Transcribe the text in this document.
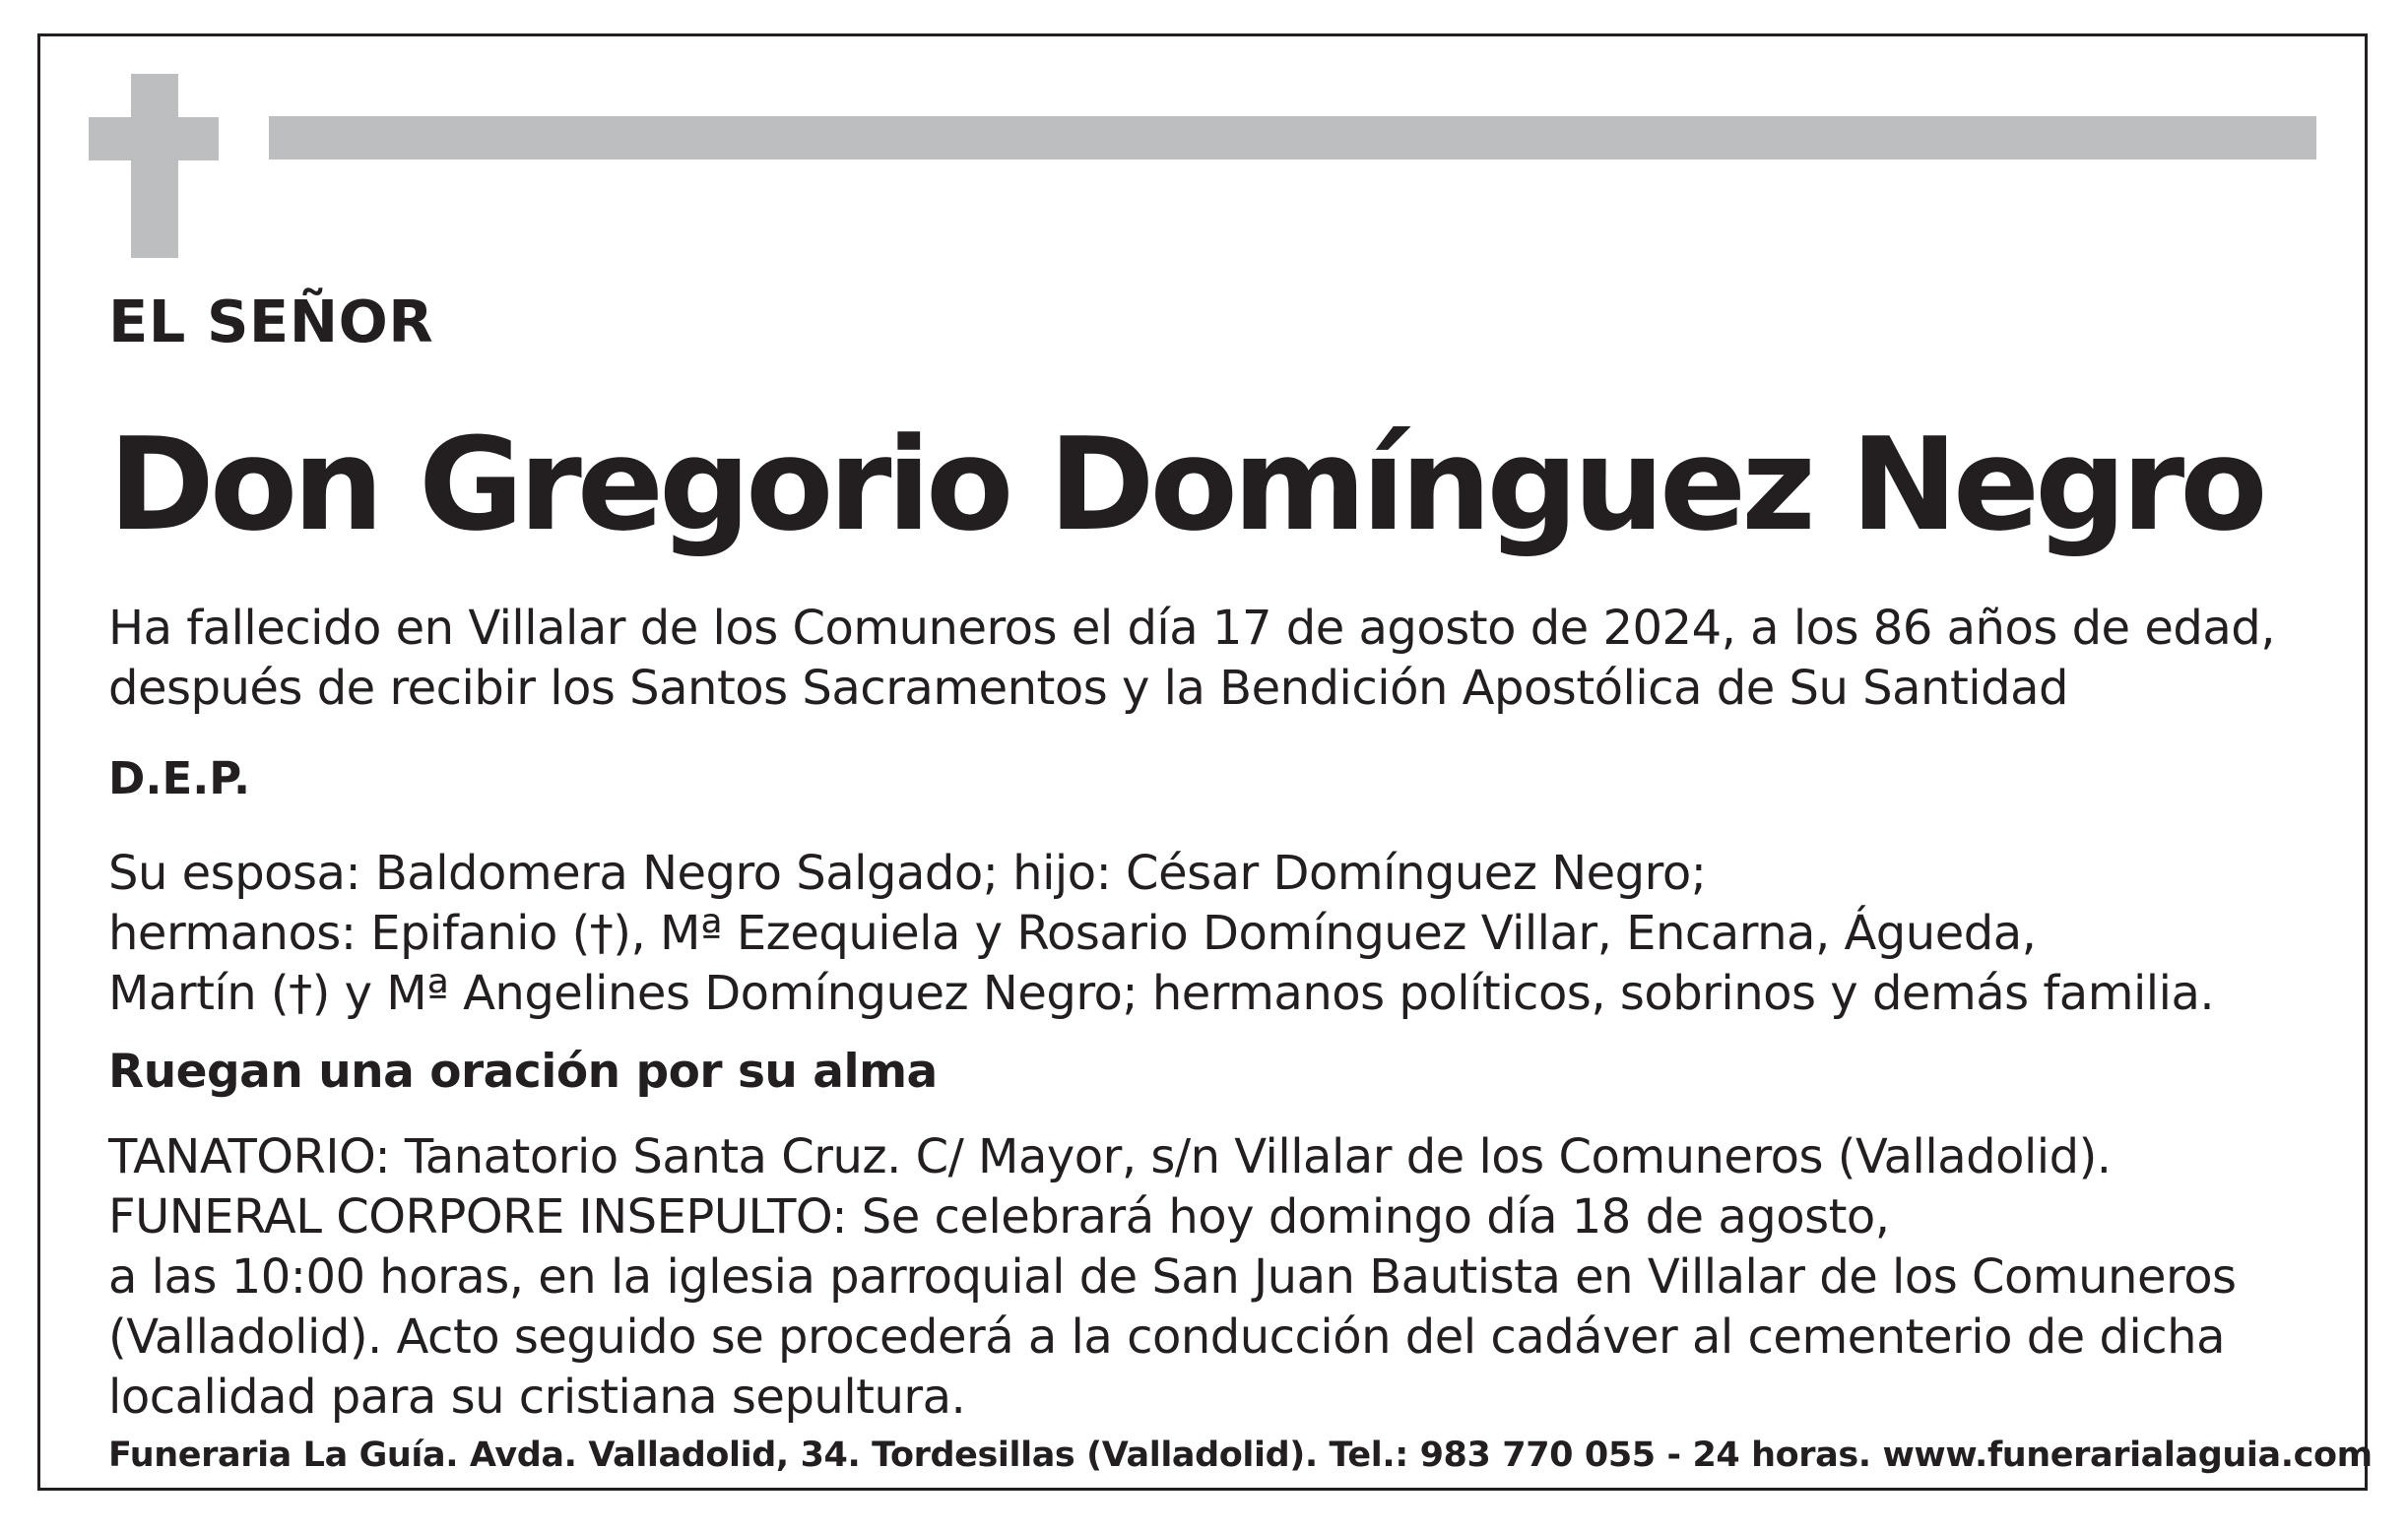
EL SEÑOR
Don Gregorio Domínguez Negro

Ha fallecido en Villalar de los Comuneros el día 17 de agosto de 2024, a los 86 años de edad,
después de recibir los Santos Sacramentos y la Bendición Apostólica de Su Santidad

D.E.P.

Su esposa: Baldomera Negro Salgado; hijo: César Domínguez Negro;
hermanos: Epifanio (†), Mª Ezequiela y Rosario Domínguez Villar, Encarna, Águeda,
Martín (†) y Mª Angelines Domínguez Negro; hermanos políticos, sobrinos y demás familia.

Ruegan una oración por su alma

TANATORIO: Tanatorio Santa Cruz. C/ Mayor, s/n Villalar de los Comuneros (Valladolid).
FUNERAL CORPORE INSEPULTO: Se celebrará hoy domingo día 18 de agosto,
a las 10:00 horas, en la iglesia parroquial de San Juan Bautista en Villalar de los Comuneros
(Valladolid). Acto seguido se procederá a la conducción del cadáver al cementerio de dicha
localidad para su cristiana sepultura.

Funeraria La Guía. Avda. Valladolid, 34. Tordesillas (Valladolid). Tel.: 983 770 055 - 24 horas. www.funerarialaguia.com
